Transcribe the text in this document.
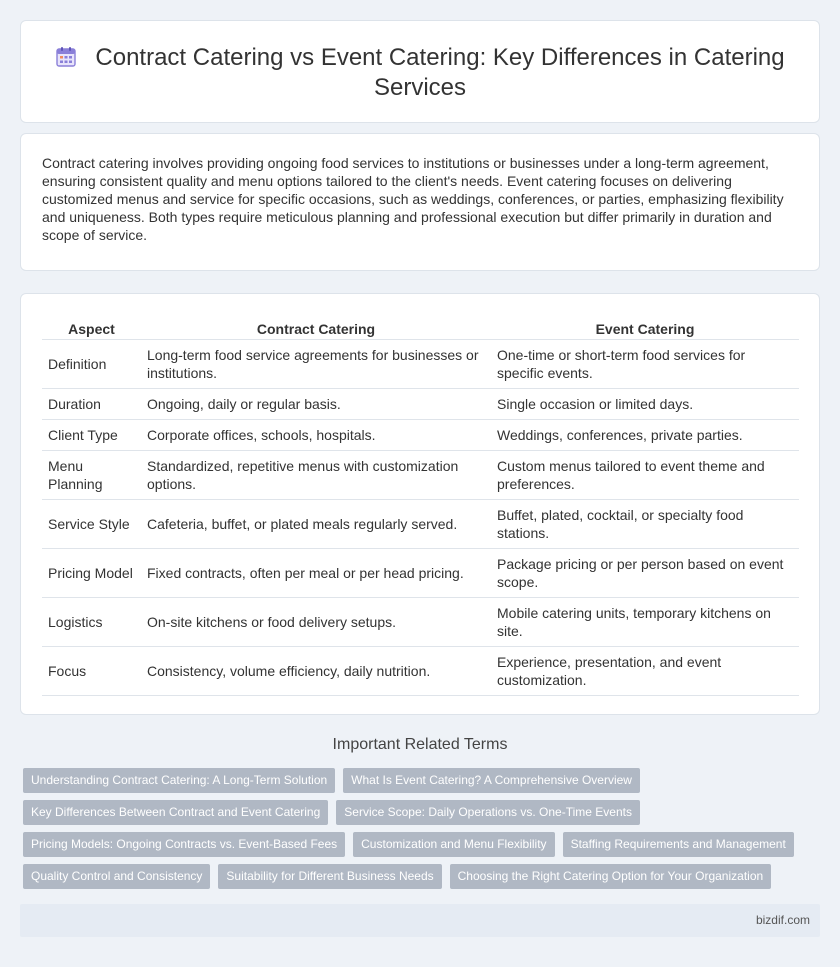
Contract Catering vs Event Catering: Key Differences in Catering Services

Contract catering involves providing ongoing food services to institutions or businesses under a long-term agreement, ensuring consistent quality and menu options tailored to the client's needs. Event catering focuses on delivering customized menus and service for specific occasions, such as weddings, conferences, or parties, emphasizing flexibility and uniqueness. Both types require meticulous planning and professional execution but differ primarily in duration and scope of service.

Aspect	Contract Catering	Event Catering
Definition	Long-term food service agreements for businesses or institutions.	One-time or short-term food services for specific events.
Duration	Ongoing, daily or regular basis.	Single occasion or limited days.
Client Type	Corporate offices, schools, hospitals.	Weddings, conferences, private parties.
Menu Planning	Standardized, repetitive menus with customization options.	Custom menus tailored to event theme and preferences.
Service Style	Cafeteria, buffet, or plated meals regularly served.	Buffet, plated, cocktail, or specialty food stations.
Pricing Model	Fixed contracts, often per meal or per head pricing.	Package pricing or per person based on event scope.
Logistics	On-site kitchens or food delivery setups.	Mobile catering units, temporary kitchens on site.
Focus	Consistency, volume efficiency, daily nutrition.	Experience, presentation, and event customization.
Important Related Terms
Understanding Contract Catering: A Long-Term Solution	What Is Event Catering? A Comprehensive Overview
Key Differences Between Contract and Event Catering	Service Scope: Daily Operations vs. One-Time Events
Pricing Models: Ongoing Contracts vs. Event-Based Fees	Customization and Menu Flexibility	Staffing Requirements and Management
Quality Control and Consistency	Suitability for Different Business Needs	Choosing the Right Catering Option for Your Organization
bizdif.com
